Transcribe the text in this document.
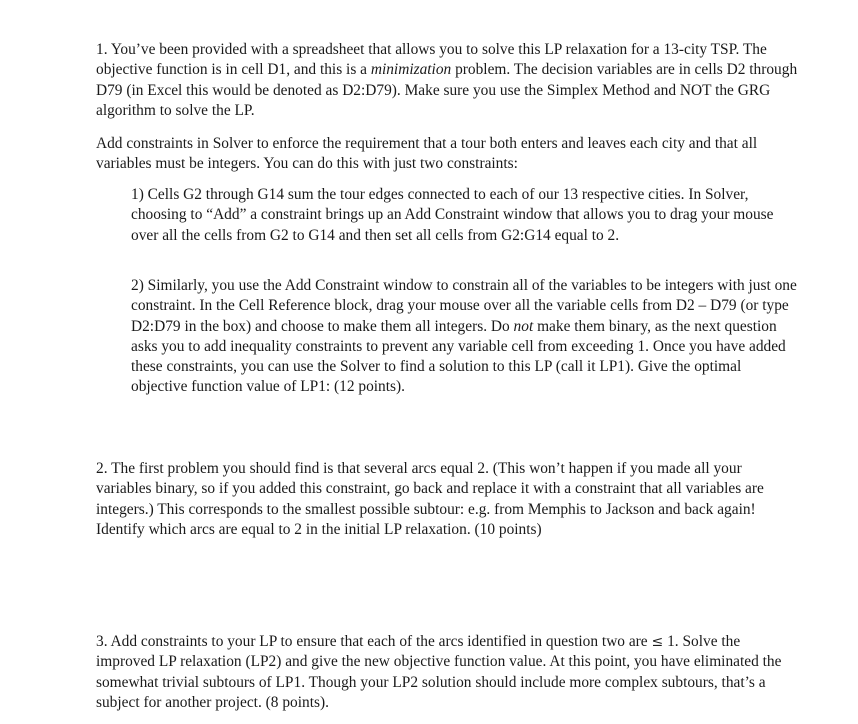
1. You’ve been provided with a spreadsheet that allows you to solve this LP relaxation for a 13-city TSP. The objective function is in cell D1, and this is a minimization problem. The decision variables are in cells D2 through D79 (in Excel this would be denoted as D2:D79). Make sure you use the Simplex Method and NOT the GRG algorithm to solve the LP.

Add constraints in Solver to enforce the requirement that a tour both enters and leaves each city and that all variables must be integers. You can do this with just two constraints:

1) Cells G2 through G14 sum the tour edges connected to each of our 13 respective cities. In Solver, choosing to “Add” a constraint brings up an Add Constraint window that allows you to drag your mouse over all the cells from G2 to G14 and then set all cells from G2:G14 equal to 2.

2) Similarly, you use the Add Constraint window to constrain all of the variables to be integers with just one constraint. In the Cell Reference block, drag your mouse over all the variable cells from D2 – D79 (or type D2:D79 in the box) and choose to make them all integers. Do not make them binary, as the next question asks you to add inequality constraints to prevent any variable cell from exceeding 1. Once you have added these constraints, you can use the Solver to find a solution to this LP (call it LP1). Give the optimal objective function value of LP1: (12 points).

2. The first problem you should find is that several arcs equal 2. (This won’t happen if you made all your variables binary, so if you added this constraint, go back and replace it with a constraint that all variables are integers.) This corresponds to the smallest possible subtour: e.g. from Memphis to Jackson and back again! Identify which arcs are equal to 2 in the initial LP relaxation. (10 points)

3. Add constraints to your LP to ensure that each of the arcs identified in question two are ≤ 1. Solve the improved LP relaxation (LP2) and give the new objective function value. At this point, you have eliminated the somewhat trivial subtours of LP1. Though your LP2 solution should include more complex subtours, that’s a subject for another project. (8 points).
